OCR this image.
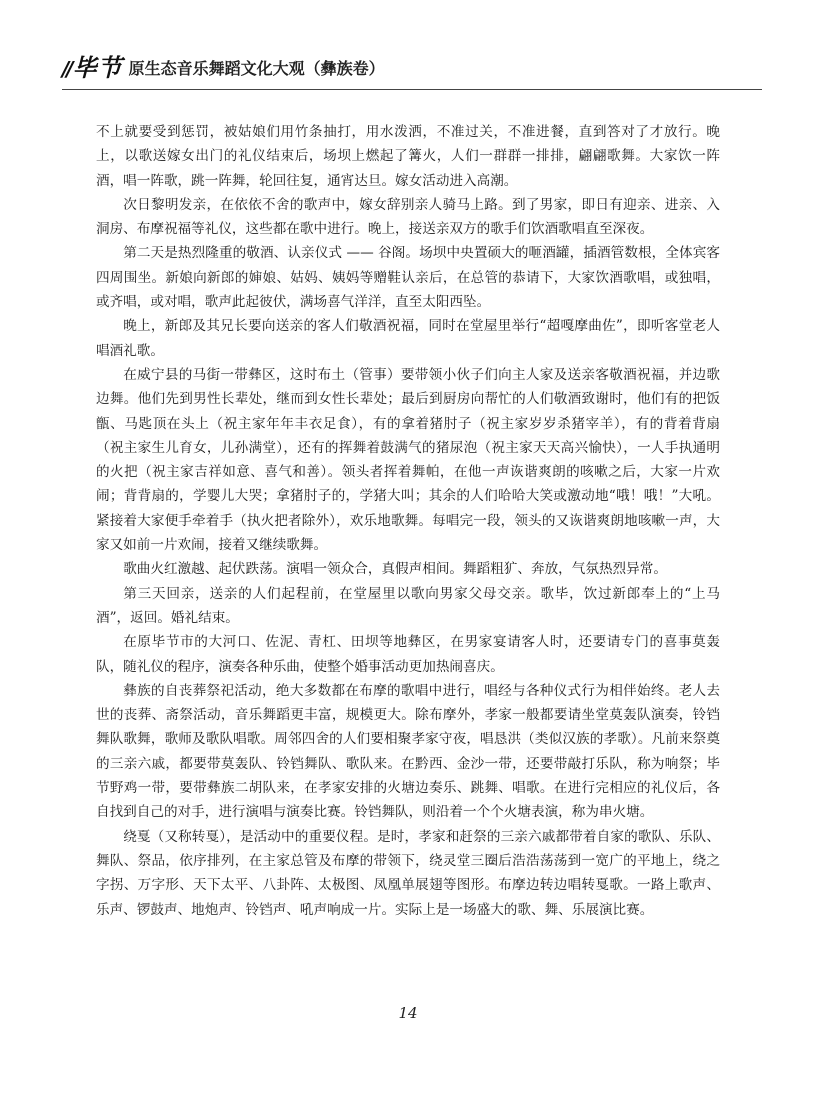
//毕节 原生态音乐舞蹈文化大观（彝族卷）

不上就要受到惩罚，被姑娘们用竹条抽打，用水泼洒，不准过关，不准进餐，直到答对了才放行。晚上，以歌送嫁女出门的礼仪结束后，场坝上燃起了篝火，人们一群群一排排，翩翩歌舞。大家饮一阵酒，唱一阵歌，跳一阵舞，轮回往复，通宵达旦。嫁女活动进入高潮。

次日黎明发亲，在依依不舍的歌声中，嫁女辞别亲人骑马上路。到了男家，即日有迎亲、进亲、入洞房、布摩祝福等礼仪，这些都在歌中进行。晚上，接送亲双方的歌手们饮酒歌唱直至深夜。

第二天是热烈隆重的敬酒、认亲仪式 —— 谷阁。场坝中央置硕大的咂酒罐，插酒管数根，全体宾客四周围坐。新娘向新郎的婶娘、姑妈、姨妈等赠鞋认亲后，在总管的恭请下，大家饮酒歌唱，或独唱，或齐唱，或对唱，歌声此起彼伏，满场喜气洋洋，直至太阳西坠。

晚上，新郎及其兄长要向送亲的客人们敬酒祝福，同时在堂屋里举行“超嘎摩曲佐”，即听客堂老人唱酒礼歌。

在威宁县的马街一带彝区，这时布土（管事）要带领小伙子们向主人家及送亲客敬酒祝福，并边歌边舞。他们先到男性长辈处，继而到女性长辈处；最后到厨房向帮忙的人们敬酒致谢时，他们有的把饭甑、马匙顶在头上（祝主家年年丰衣足食），有的拿着猪肘子（祝主家岁岁杀猪宰羊），有的背着背扇（祝主家生儿育女，儿孙满堂），还有的挥舞着鼓满气的猪尿泡（祝主家天天高兴愉快），一人手执通明的火把（祝主家吉祥如意、喜气和善）。领头者挥着舞帕，在他一声诙谐爽朗的咳嗽之后，大家一片欢闹；背背扇的，学婴儿大哭；拿猪肘子的，学猪大叫；其余的人们哈哈大笑或激动地“哦！哦！”大吼。紧接着大家便手牵着手（执火把者除外），欢乐地歌舞。每唱完一段，领头的又诙谐爽朗地咳嗽一声，大家又如前一片欢闹，接着又继续歌舞。

歌曲火红激越、起伏跌荡。演唱一领众合，真假声相间。舞蹈粗犷、奔放，气氛热烈异常。

第三天回亲，送亲的人们起程前，在堂屋里以歌向男家父母交亲。歌毕，饮过新郎奉上的“上马酒”，返回。婚礼结束。

在原毕节市的大河口、佐泥、青杠、田坝等地彝区，在男家宴请客人时，还要请专门的喜事莫轰队，随礼仪的程序，演奏各种乐曲，使整个婚事活动更加热闹喜庆。

彝族的自丧葬祭祀活动，绝大多数都在布摩的歌唱中进行，唱经与各种仪式行为相伴始终。老人去世的丧葬、斋祭活动，音乐舞蹈更丰富，规模更大。除布摩外，孝家一般都要请坐堂莫轰队演奏，铃铛舞队歌舞，歌师及歌队唱歌。周邻四舍的人们要相聚孝家守夜，唱恳洪（类似汉族的孝歌）。凡前来祭奠的三亲六戚，都要带莫轰队、铃铛舞队、歌队来。在黔西、金沙一带，还要带敲打乐队，称为响祭；毕节野鸡一带，要带彝族二胡队来，在孝家安排的火塘边奏乐、跳舞、唱歌。在进行完相应的礼仪后，各自找到自己的对手，进行演唱与演奏比赛。铃铛舞队，则沿着一个个火塘表演，称为串火塘。

绕戛（又称转戛），是活动中的重要仪程。是时，孝家和赶祭的三亲六戚都带着自家的歌队、乐队、舞队、祭品，依序排列，在主家总管及布摩的带领下，绕灵堂三圈后浩浩荡荡到一宽广的平地上，绕之字拐、万字形、天下太平、八卦阵、太极图、凤凰单展翅等图形。布摩边转边唱转戛歌。一路上歌声、乐声、锣鼓声、地炮声、铃铛声、吼声响成一片。实际上是一场盛大的歌、舞、乐展演比赛。

14
